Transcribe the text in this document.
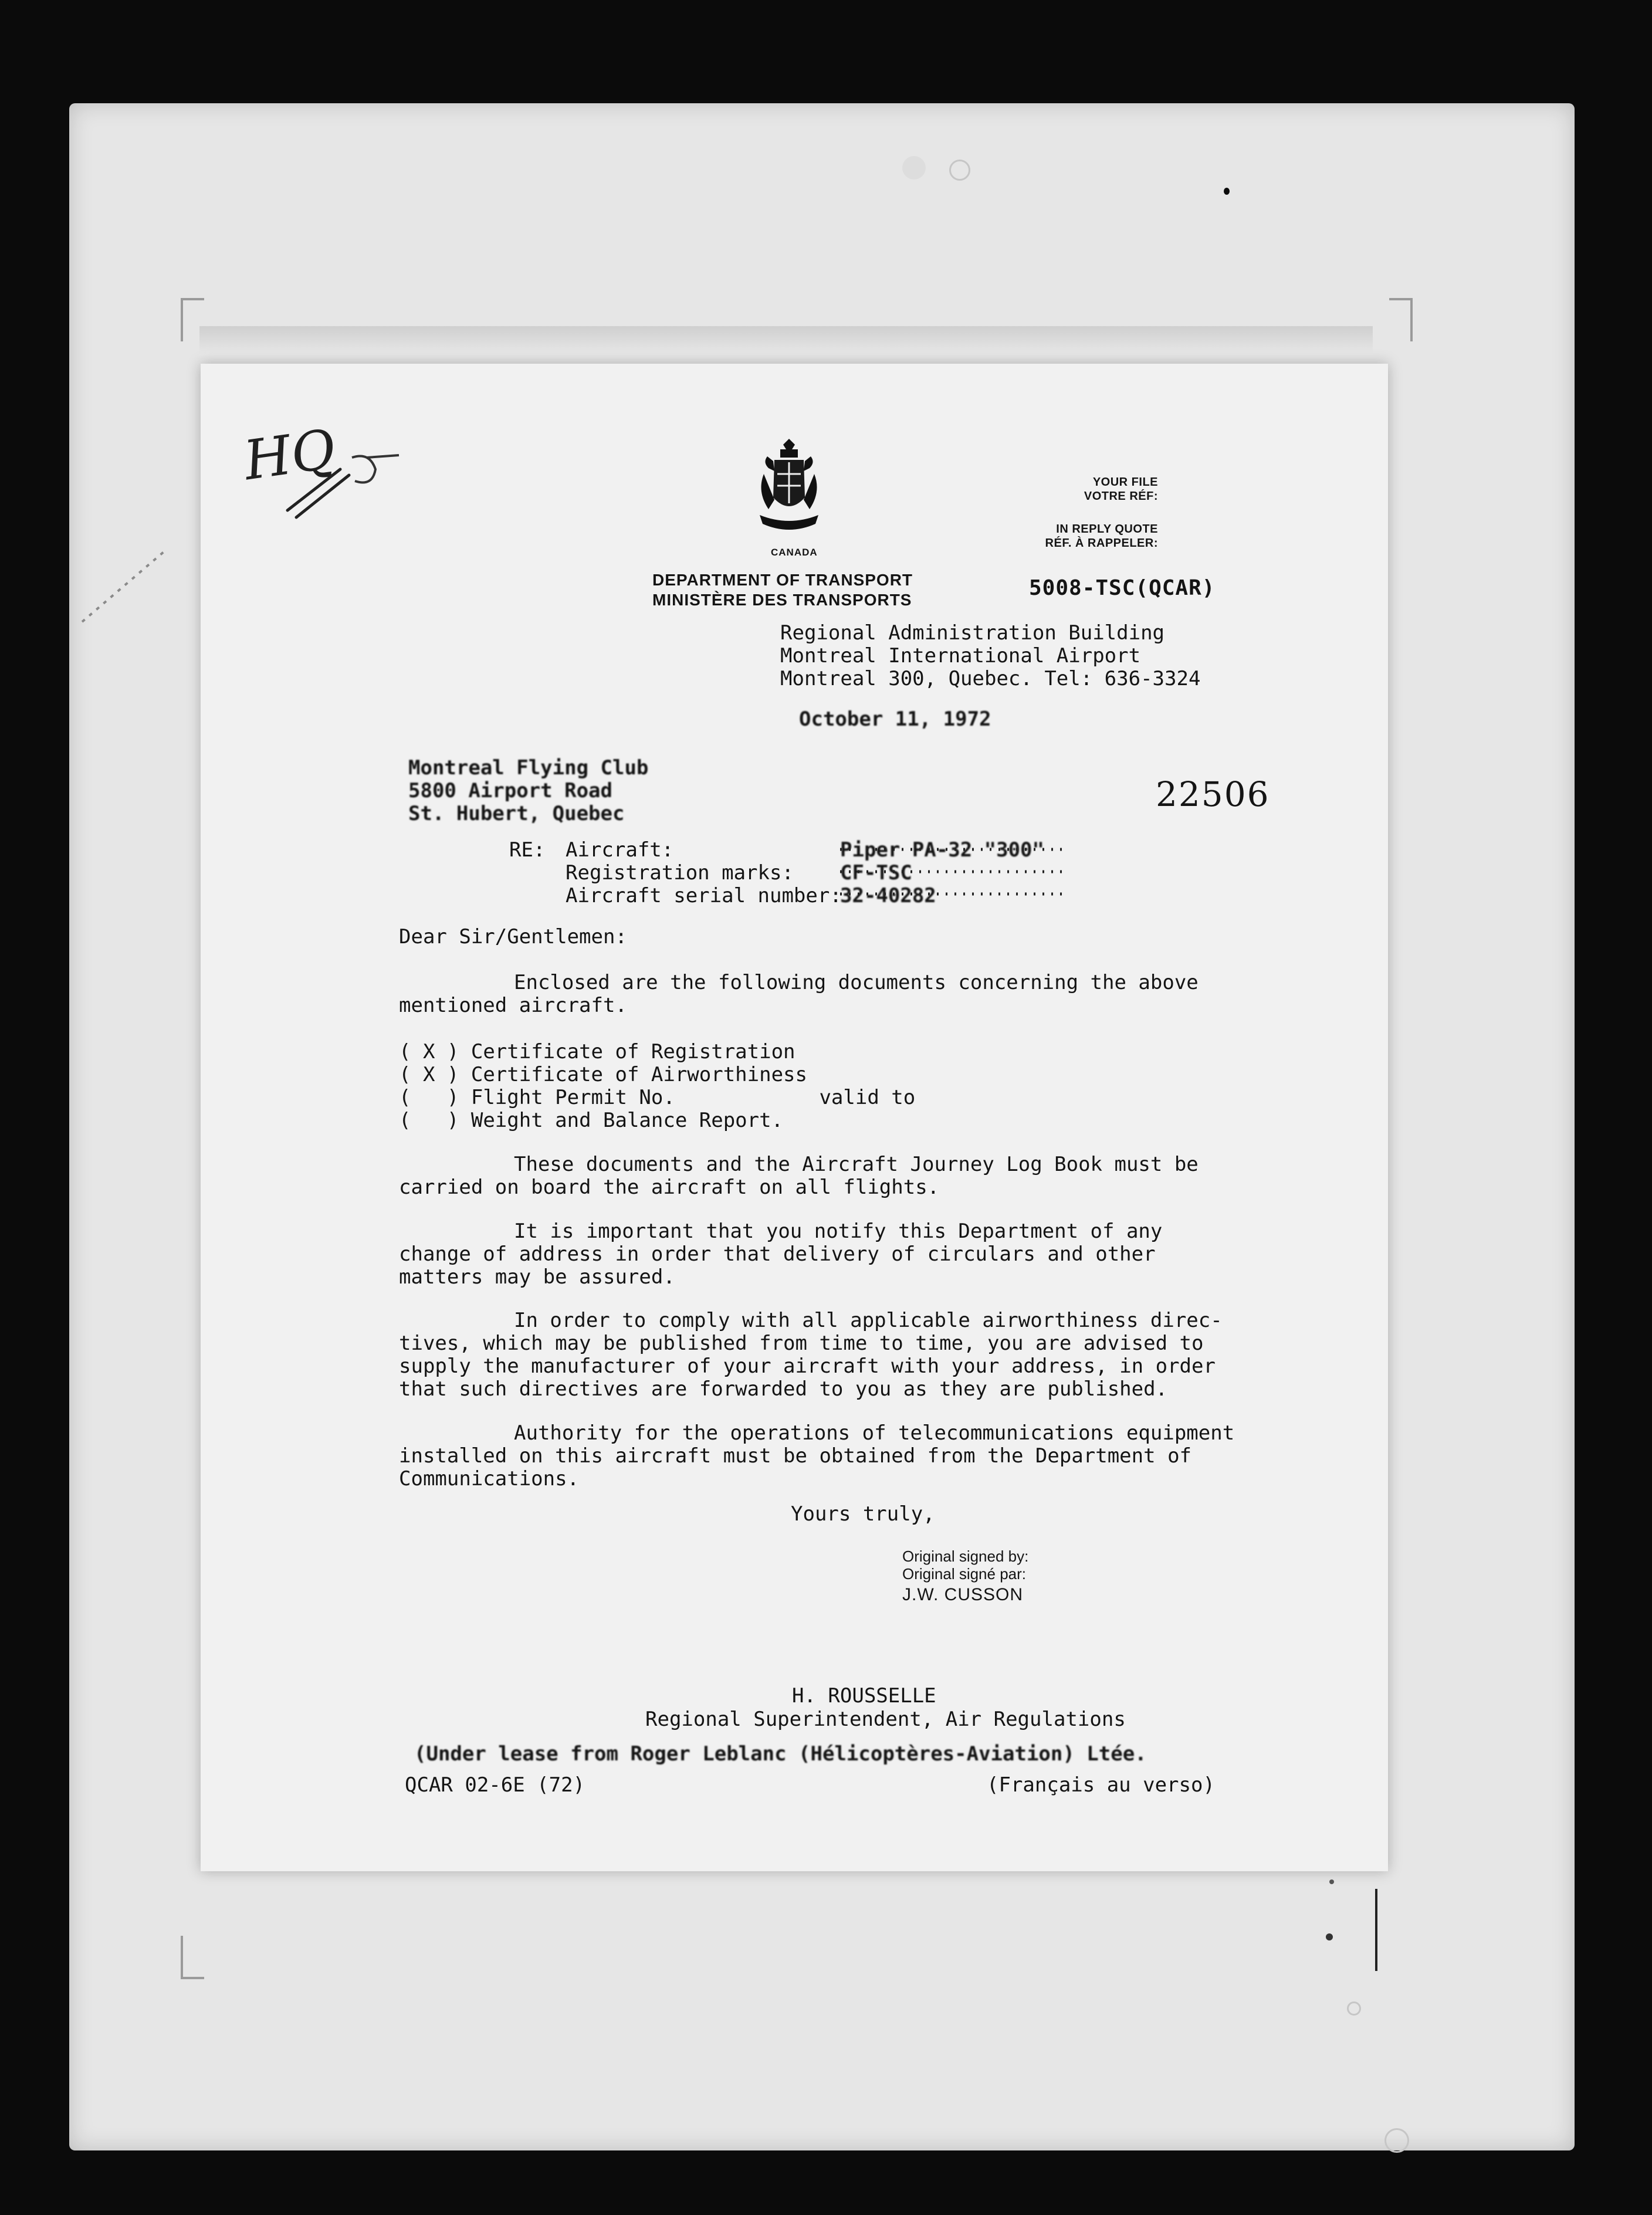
HQ
CANADA
DEPARTMENT OF TRANSPORT
MINISTÈRE DES TRANSPORTS
YOUR FILE
VOTRE RÉF:
IN REPLY QUOTE
RÉF. À RAPPELER:
5008-TSC(QCAR)
Regional Administration Building
Montreal International Airport
Montreal 300, Quebec. Tel: 636-3324
October 11, 1972
22506
Montreal Flying Club
5800 Airport Road
St. Hubert, Quebec
RE: Aircraft:
Registration marks:
Aircraft serial number:
Piper PA-32 "300"
CF-TSC
32-40282
Dear Sir/Gentlemen:
Enclosed are the following documents concerning the above
mentioned aircraft.
( X ) Certificate of Registration
( X ) Certificate of Airworthiness
(   ) Flight Permit No.            valid to
(   ) Weight and Balance Report.
These documents and the Aircraft Journey Log Book must be
carried on board the aircraft on all flights.
It is important that you notify this Department of any
change of address in order that delivery of circulars and other
matters may be assured.
In order to comply with all applicable airworthiness direc-
tives, which may be published from time to time, you are advised to
supply the manufacturer of your aircraft with your address, in order
that such directives are forwarded to you as they are published.
Authority for the operations of telecommunications equipment
installed on this aircraft must be obtained from the Department of
Communications.
Yours truly,
Original signed by:
Original signé par:
J.W. CUSSON
H. ROUSSELLE
Regional Superintendent, Air Regulations
(Under lease from Roger Leblanc (Hélicoptères-Aviation) Ltée.
QCAR 02-6E (72)	(Français au verso)
